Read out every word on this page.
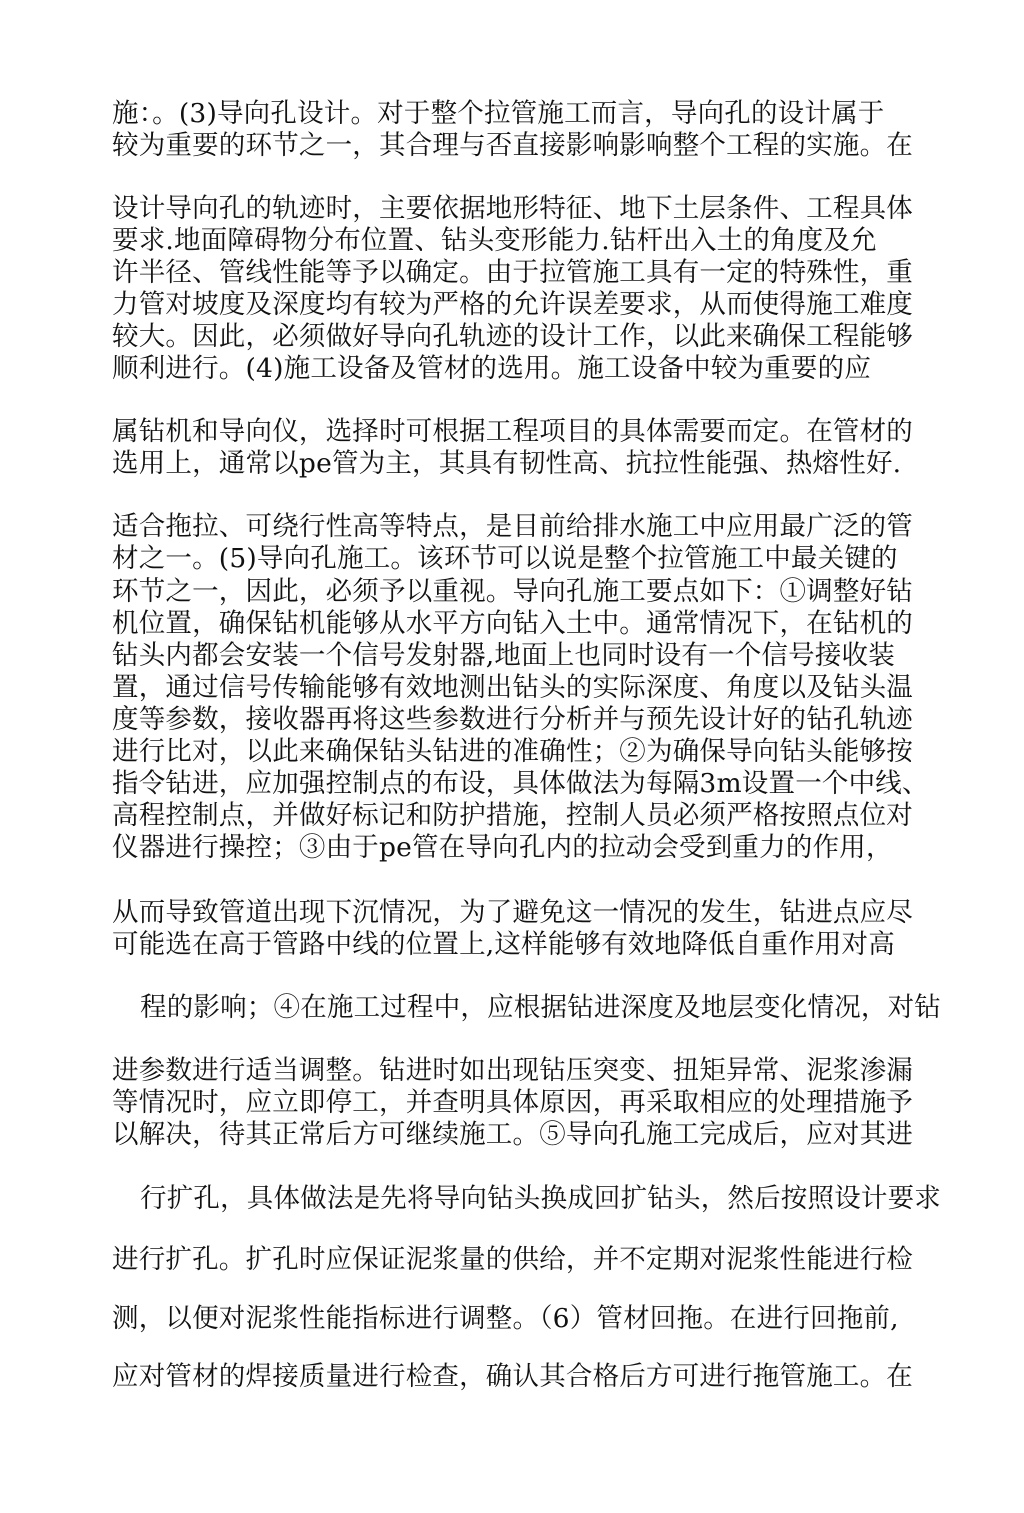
施：。(3)导向孔设计。对于整个拉管施工而言，导向孔的设计属于

较为重要的环节之一，其合理与否直接影响影响整个工程的实施。在

设计导向孔的轨迹时，主要依据地形特征、地下土层条件、工程具体

要求.地面障碍物分布位置、钻头变形能力.钻杆出入土的角度及允

许半径、管线性能等予以确定。由于拉管施工具有一定的特殊性，重

力管对坡度及深度均有较为严格的允许误差要求，从而使得施工难度

较大。因此，必须做好导向孔轨迹的设计工作，以此来确保工程能够

顺利进行。(4)施工设备及管材的选用。施工设备中较为重要的应

属钻机和导向仪，选择时可根据工程项目的具体需要而定。在管材的

选用上，通常以pe管为主，其具有韧性高、抗拉性能强、热熔性好.

适合拖拉、可绕行性高等特点，是目前给排水施工中应用最广泛的管

材之一。(5)导向孔施工。该环节可以说是整个拉管施工中最关键的

环节之一，因此，必须予以重视。导向孔施工要点如下：①调整好钻

机位置，确保钻机能够从水平方向钻入土中。通常情况下，在钻机的

钻头内都会安装一个信号发射器,地面上也同时设有一个信号接收装

置，通过信号传输能够有效地测出钻头的实际深度、角度以及钻头温

度等参数，接收器再将这些参数进行分析并与预先设计好的钻孔轨迹

进行比对，以此来确保钻头钻进的准确性；②为确保导向钻头能够按

指令钻进，应加强控制点的布设，具体做法为每隔3m设置一个中线、

高程控制点，并做好标记和防护措施，控制人员必须严格按照点位对

仪器进行操控；③由于pe管在导向孔内的拉动会受到重力的作用，

从而导致管道出现下沉情况，为了避免这一情况的发生，钻进点应尽

可能选在高于管路中线的位置上,这样能够有效地降低自重作用对高

程的影响；④在施工过程中，应根据钻进深度及地层变化情况，对钻

进参数进行适当调整。钻进时如出现钻压突变、扭矩异常、泥浆渗漏

等情况时，应立即停工，并查明具体原因，再采取相应的处理措施予

以解决，待其正常后方可继续施工。⑤导向孔施工完成后，应对其进

行扩孔，具体做法是先将导向钻头换成回扩钻头，然后按照设计要求

进行扩孔。扩孔时应保证泥浆量的供给，并不定期对泥浆性能进行检

测，以便对泥浆性能指标进行调整。（6）管材回拖。在进行回拖前,

应对管材的焊接质量进行检查，确认其合格后方可进行拖管施工。在
